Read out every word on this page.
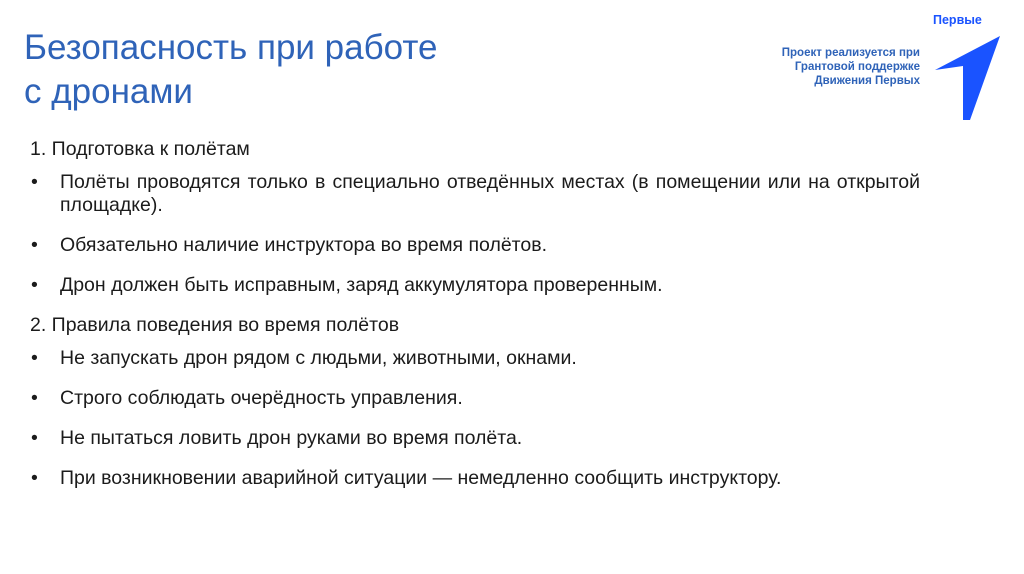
Безопасность при работе
с дронами
Проект реализуется при
Грантовой поддержке
Движения Первых
Первые
1. Подготовка к полётам
• Полёты проводятся только в специально отведённых местах (в помещении или на открытой площадке).
• Обязательно наличие инструктора во время полётов.
• Дрон должен быть исправным, заряд аккумулятора проверенным.
2. Правила поведения во время полётов
• Не запускать дрон рядом с людьми, животными, окнами.
• Строго соблюдать очерёдность управления.
• Не пытаться ловить дрон руками во время полёта.
• При возникновении аварийной ситуации — немедленно сообщить инструктору.
